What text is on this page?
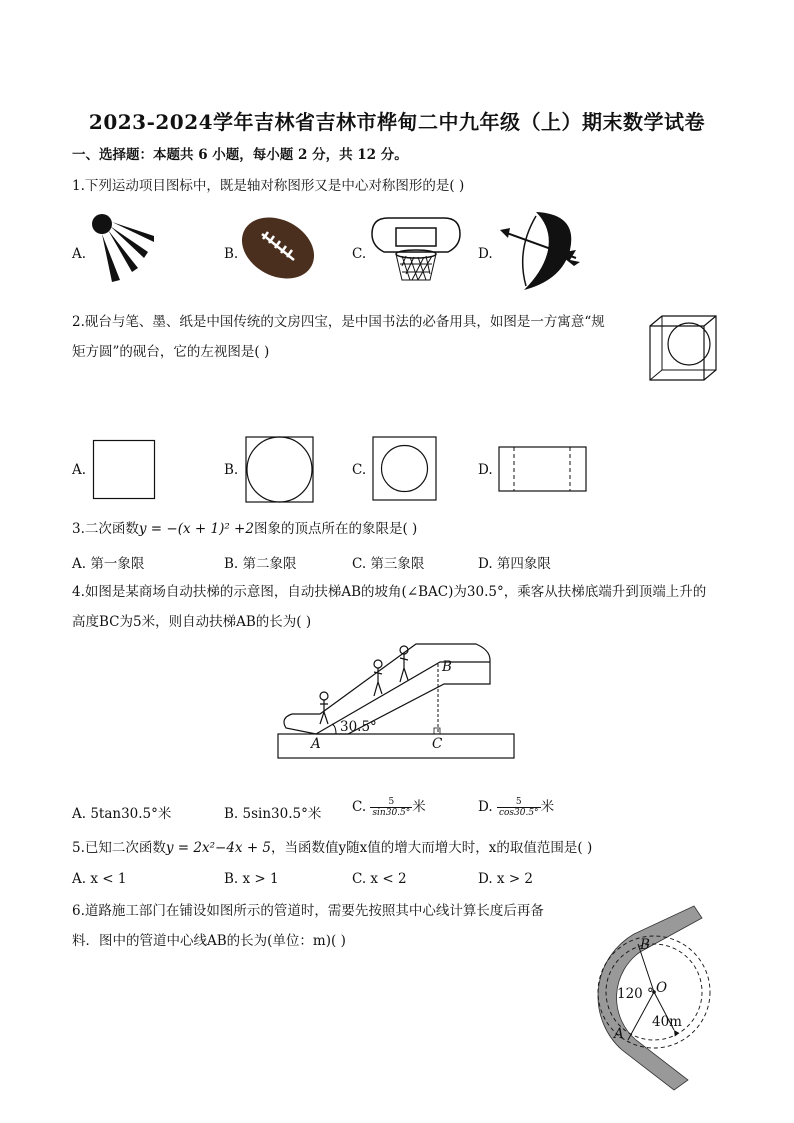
2023-2024学年吉林省吉林市桦甸二中九年级（上）期末数学试卷
一、选择题：本题共 6 小题，每小题 2 分，共 12 分。
1.下列运动项目图标中，既是轴对称图形又是中心对称图形的是( )
A.	B.	C.	D.
2.砚台与笔、墨、纸是中国传统的文房四宝，是中国书法的必备用具，如图是一方寓意“规
矩方圆”的砚台，它的左视图是( )
A.	B.	C.	D.
3.二次函数y = −(x + 1)² +2图象的顶点所在的象限是( )
A. 第一象限	B. 第二象限	C. 第三象限	D. 第四象限
4.如图是某商场自动扶梯的示意图，自动扶梯AB的坡角(∠BAC)为30.5°，乘客从扶梯底端升到顶端上升的
高度BC为5米，则自动扶梯AB的长为( )
30.5°
A
B
C
A. 5tan30.5°米	B. 5sin30.5°米 C. $\frac{5}{\sin 30.5^\circ}$ 米	D. $\frac{5}{\cos 30.5^\circ}$ 米
5.已知二次函数y = 2x²−4x + 5，当函数值y随x值的增大而增大时，x的取值范围是( )
A. x < 1	B. x > 1	C. x < 2	D. x > 2
6.道路施工部门在铺设如图所示的管道时，需要先按照其中心线计算长度后再备
料．图中的管道中心线AB的长为(单位：m)( )
120 ° O
B
A
40m
